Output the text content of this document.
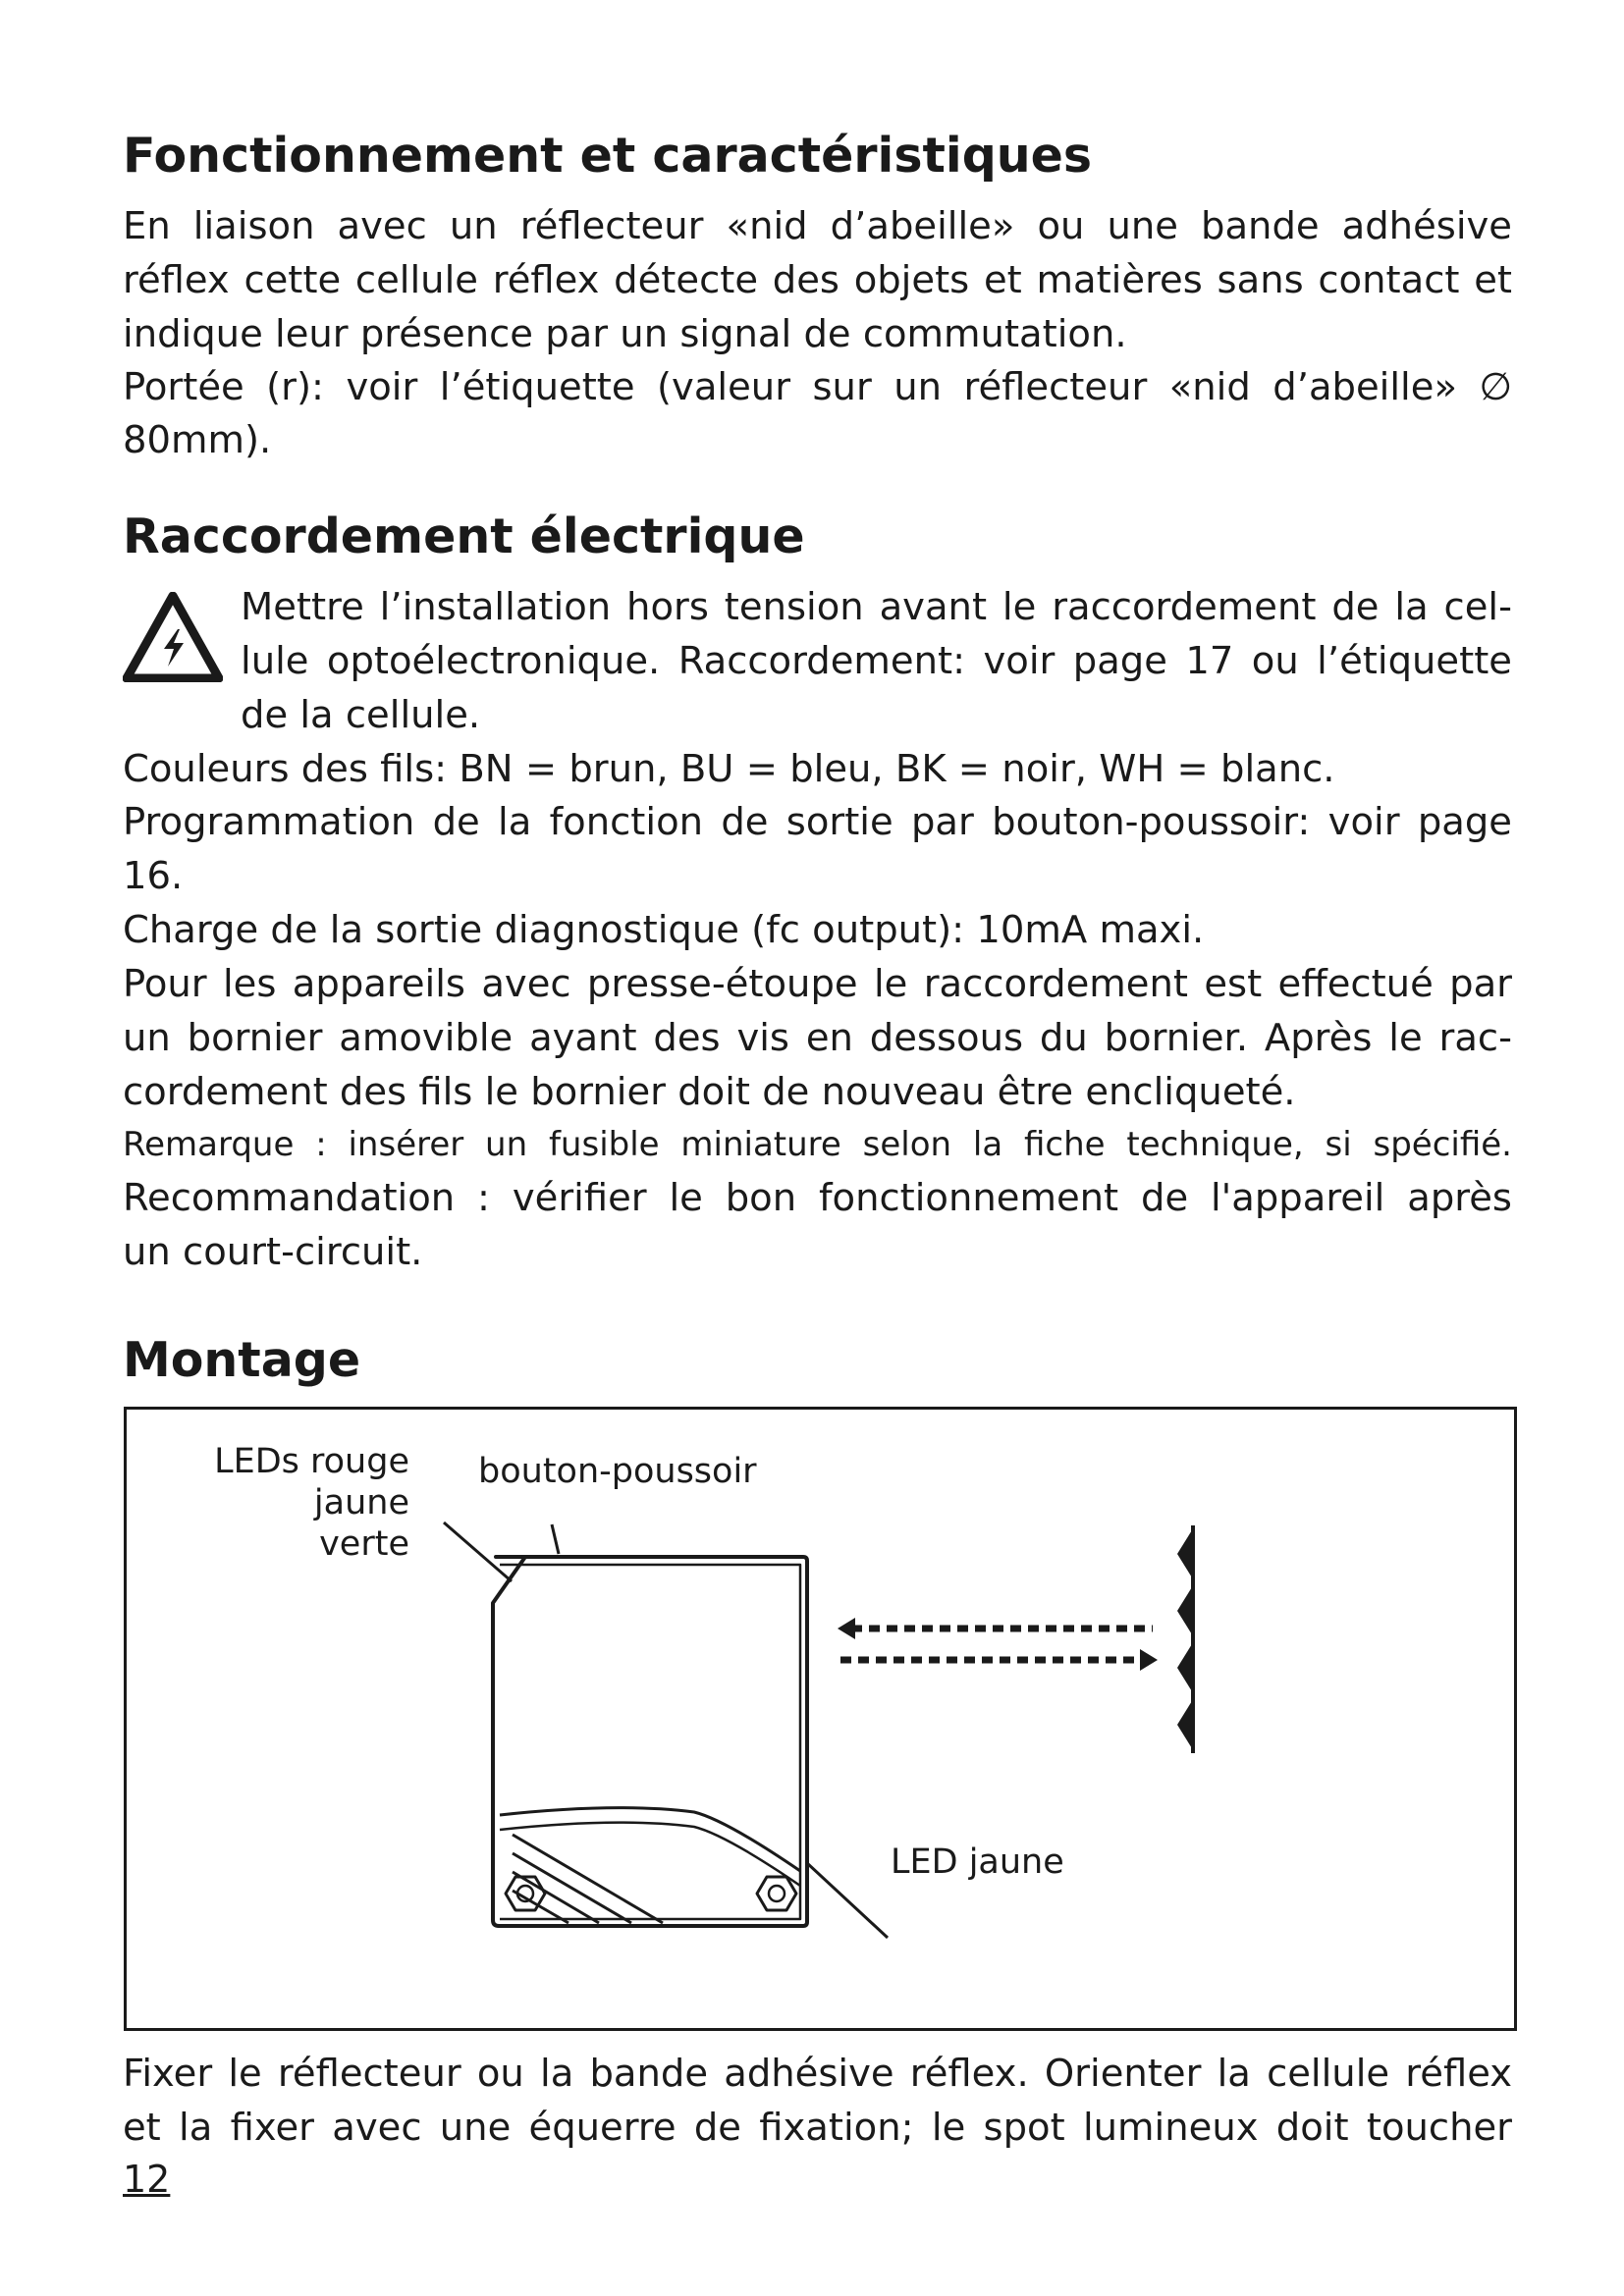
Fonctionnement et caractéristiques

En liaison avec un réflecteur «nid d’abeille» ou une bande adhésive

réflex cette cellule réflex détecte des objets et matières sans contact et

indique leur présence par un signal de commutation.

Portée (r): voir l’étiquette (valeur sur un réflecteur «nid d’abeille» ∅

80mm).

Raccordement électrique

Mettre l’installation hors tension avant le raccordement de la cel-

lule optoélectronique. Raccordement: voir page 17 ou l’étiquette

de la cellule.

Couleurs des fils: BN = brun, BU = bleu, BK = noir, WH = blanc.

Programmation de la fonction de sortie par bouton-poussoir: voir page

16.

Charge de la sortie diagnostique (fc output): 10mA maxi.

Pour les appareils avec presse-étoupe le raccordement est effectué par

un bornier amovible ayant des vis en dessous du bornier. Après le rac-

cordement des fils le bornier doit de nouveau être encliqueté.

Remarque : insérer un fusible miniature selon la fiche technique, si spécifié.

Recommandation : vérifier le bon fonctionnement de l'appareil après

un court-circuit.

Montage
LEDs rouge
jaune
verte
bouton-poussoir
LED jaune

Fixer le réflecteur ou la bande adhésive réflex. Orienter la cellule réflex

et la fixer avec une équerre de fixation; le spot lumineux doit toucher

12
